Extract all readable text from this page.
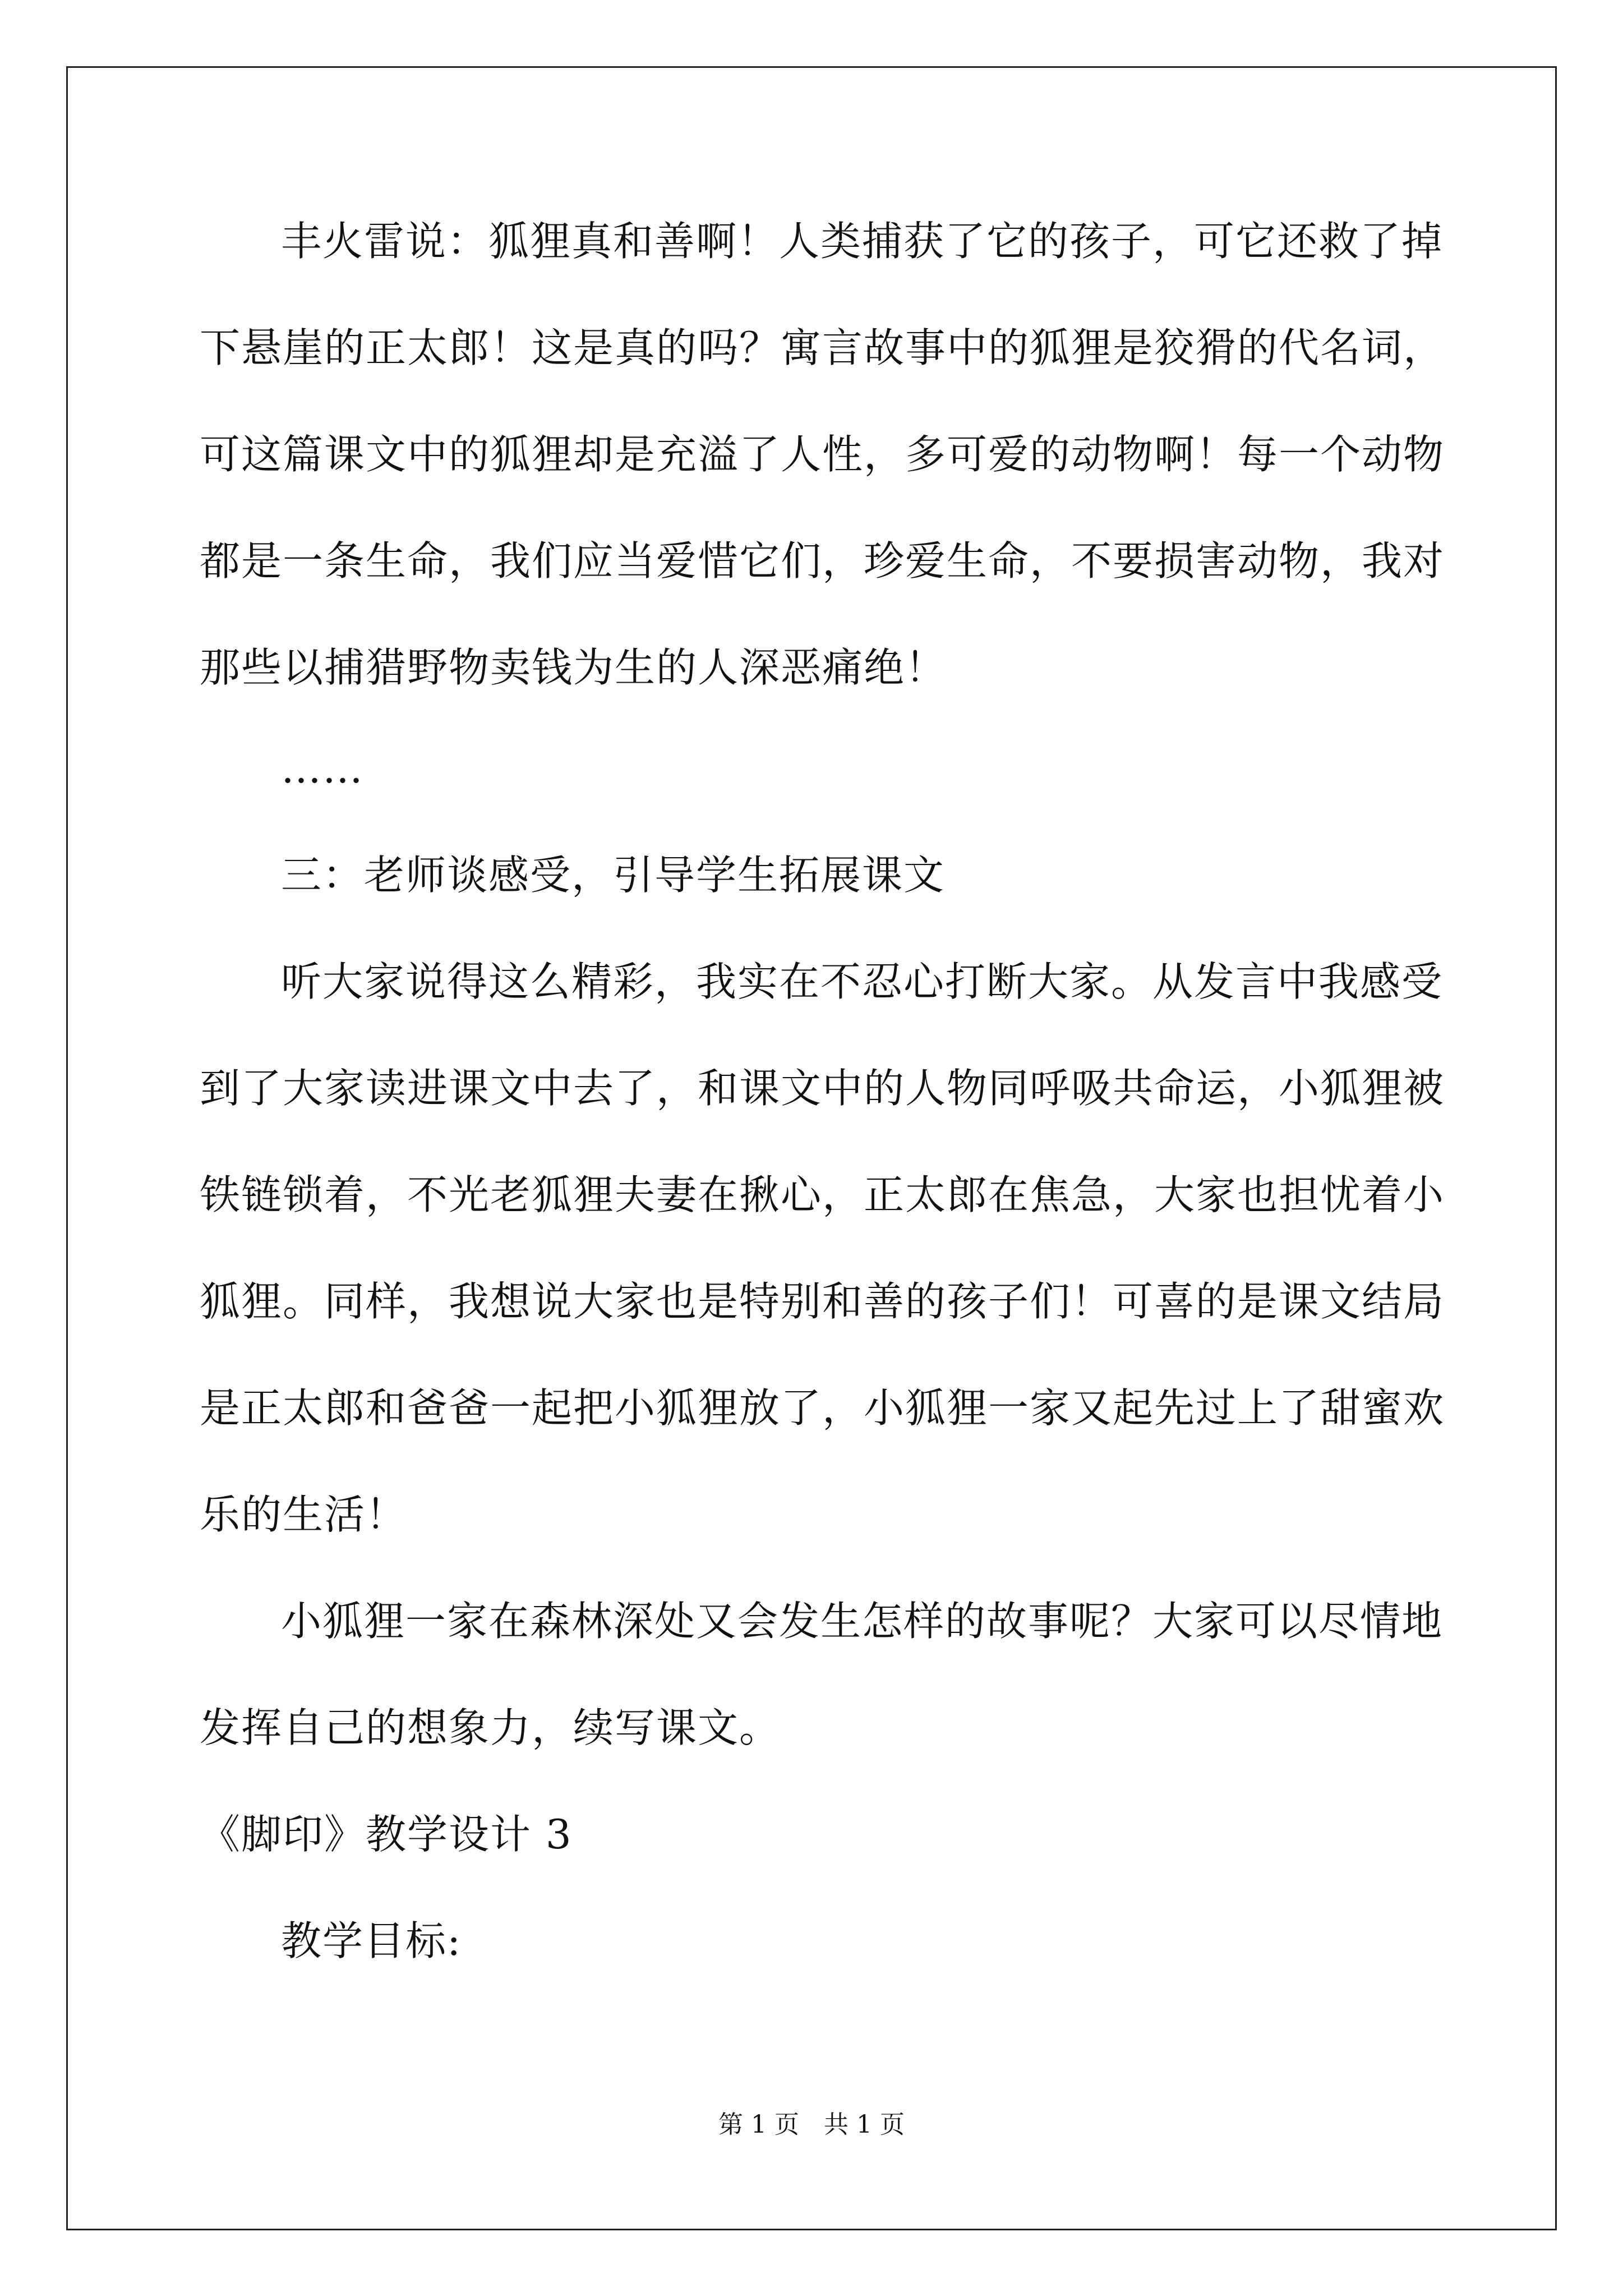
丰火雷说：狐狸真和善啊！人类捕获了它的孩子，可它还救了掉
下悬崖的正太郎！这是真的吗？寓言故事中的狐狸是狡猾的代名词，
可这篇课文中的狐狸却是充溢了人性，多可爱的动物啊！每一个动物
都是一条生命，我们应当爱惜它们，珍爱生命，不要损害动物，我对
那些以捕猎野物卖钱为生的人深恶痛绝！
……
三：老师谈感受，引导学生拓展课文
听大家说得这么精彩，我实在不忍心打断大家。从发言中我感受
到了大家读进课文中去了，和课文中的人物同呼吸共命运，小狐狸被
铁链锁着，不光老狐狸夫妻在揪心，正太郎在焦急，大家也担忧着小
狐狸。同样，我想说大家也是特别和善的孩子们！可喜的是课文结局
是正太郎和爸爸一起把小狐狸放了，小狐狸一家又起先过上了甜蜜欢
乐的生活！
小狐狸一家在森林深处又会发生怎样的故事呢？大家可以尽情地
发挥自己的想象力，续写课文。
《脚印》教学设计 3
教学目标:
第 1 页　共 1 页
